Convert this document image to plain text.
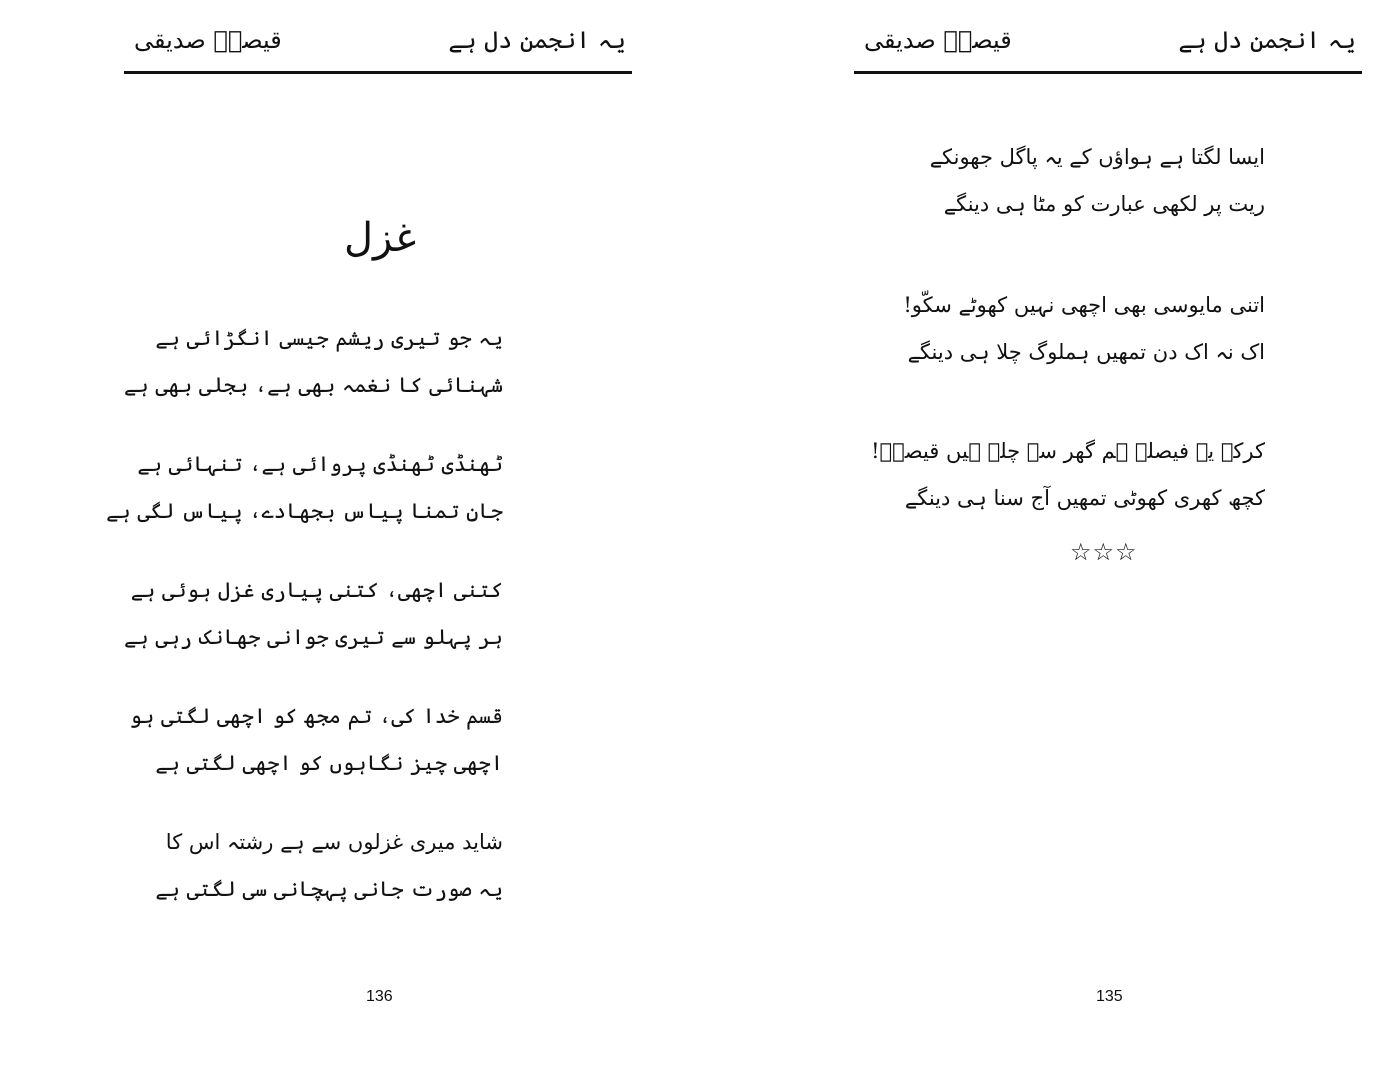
یہ انجمن دل ہے
قیصرؔ صدیقی
غزل
یہ جو تیری ریشم جیسی انگڑائی ہے
شہنائی کا نغمہ بھی ہے، بجلی بھی ہے
ٹھنڈی ٹھنڈی پروائی ہے، تنہائی ہے
جانِ تمنا پیاس بجھادے، پیاس لگی ہے
کتنی اچھی، کتنی پیاری غزل ہوئی ہے
ہر پہلو سے تیری جوانی جھانک رہی ہے
قسم خدا کی، تم مجھ کو اچھی لگتی ہو
اچھی چیز نگاہوں کو اچھی لگتی ہے
شاید میری غزلوں سے ہے رشتہ اس کا
یہ صورت جانی پہچانی سی لگتی ہے
136
یہ انجمن دل ہے
قیصرؔ صدیقی
ایسا لگتا ہے ہواؤں کے یہ پاگل جھونکے
ریت پر لکھی عبارت کو مٹا ہی دینگے
اتنی مایوسی بھی اچھی نہیں کھوٹے سکّو!
اک نہ اک دن تمھیں ہملوگ چلا ہی دینگے
کرکے یہ فیصلہ ہم گھر سے چلے ہیں قیصرؔ!
کچھ کھری کھوٹی تمھیں آج سنا ہی دینگے
☆☆☆
135
